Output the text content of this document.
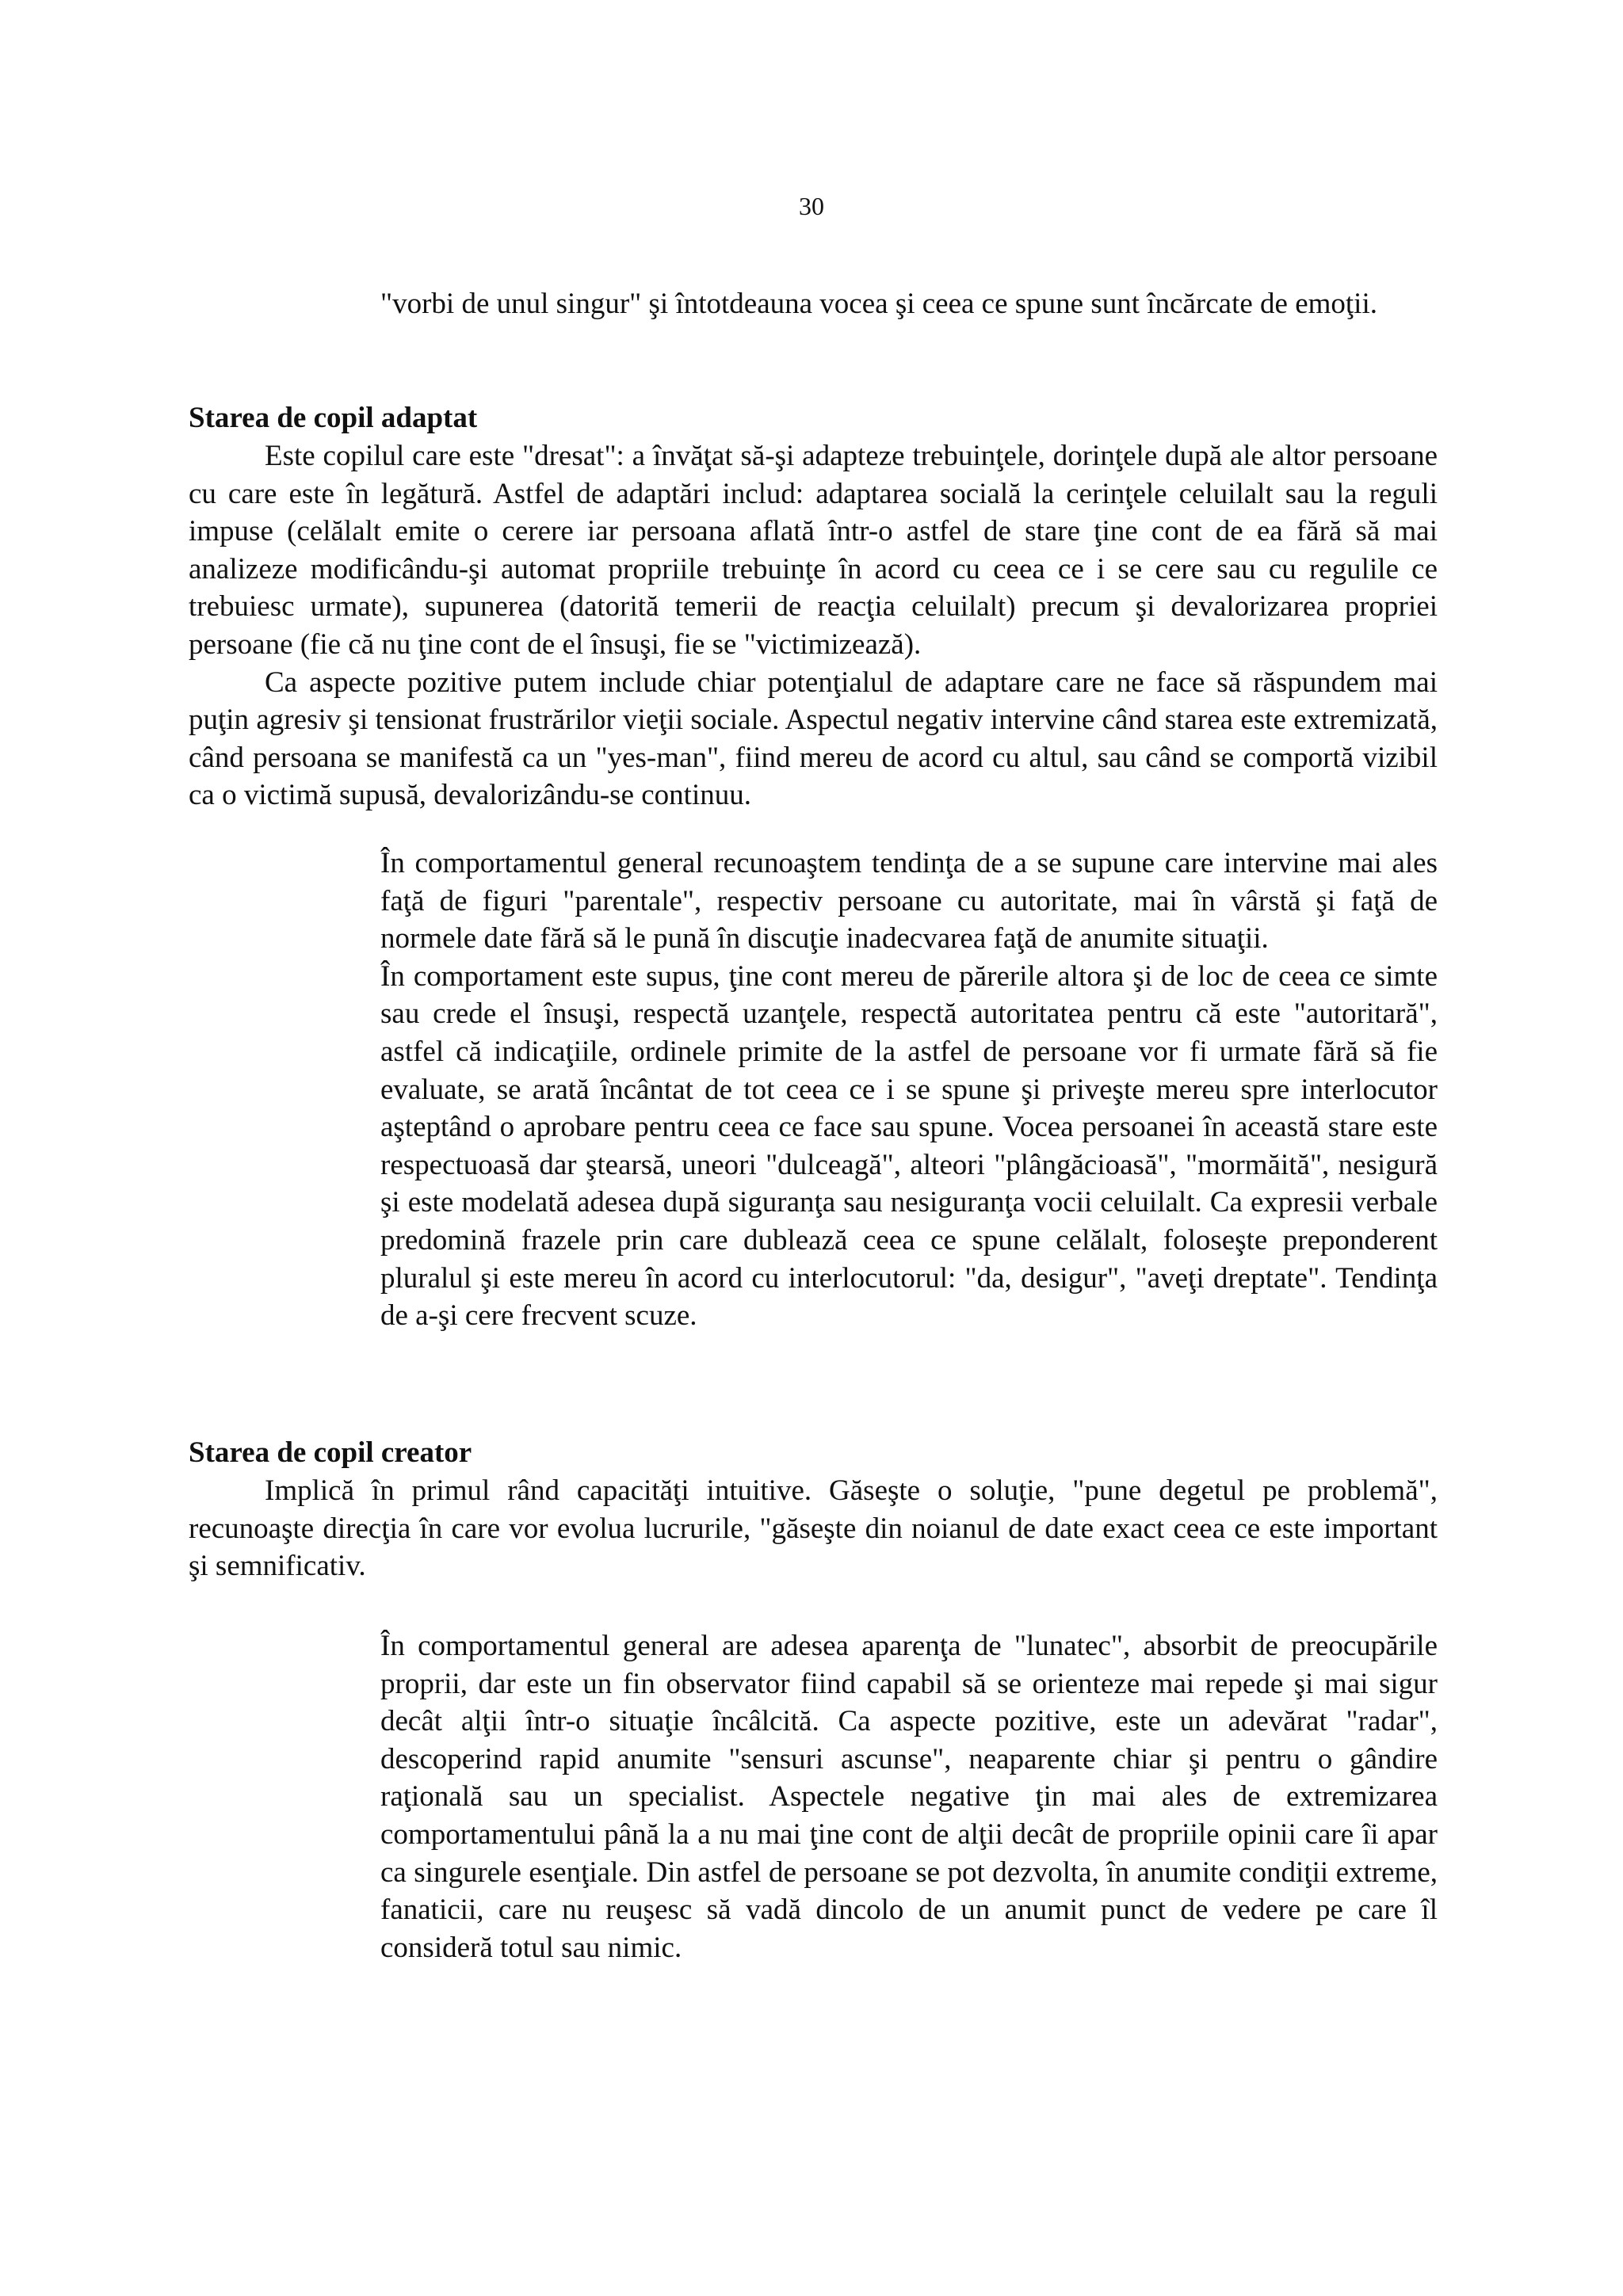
30

"vorbi de unul singur" şi întotdeauna vocea şi ceea ce spune sunt încărcate de emoţii.

Starea de copil adaptat

Este copilul care este "dresat": a învăţat să-şi adapteze trebuinţele, dorinţele după ale altor persoane cu care este în legătură. Astfel de adaptări includ: adaptarea socială la cerinţele celuilalt sau la reguli impuse (celălalt emite o cerere iar persoana aflată într-o astfel de stare ţine cont de ea fără să mai analizeze modificându-şi automat propriile trebuinţe în acord cu ceea ce i se cere sau cu regulile ce trebuiesc urmate), supunerea (datorită temerii de reacţia celuilalt) precum şi devalorizarea propriei persoane (fie că nu ţine cont de el însuşi, fie se "victimizează).

Ca aspecte pozitive putem include chiar potenţialul de adaptare care ne face să răspundem mai puţin agresiv şi tensionat frustrărilor vieţii sociale. Aspectul negativ intervine când starea este extremizată, când persoana se manifestă ca un "yes-man", fiind mereu de acord cu altul, sau când se comportă vizibil ca o victimă supusă, devalorizându-se continuu.

În comportamentul general recunoaştem tendinţa de a se supune care intervine mai ales faţă de figuri "parentale", respectiv persoane cu autoritate, mai în vârstă şi faţă de normele date fără să le pună în discuţie inadecvarea faţă de anumite situaţii.

În comportament este supus, ţine cont mereu de părerile altora şi de loc de ceea ce simte sau crede el însuşi, respectă uzanţele, respectă autoritatea pentru că este "autoritară", astfel că indicaţiile, ordinele primite de la astfel de persoane vor fi urmate fără să fie evaluate, se arată încântat de tot ceea ce i se spune şi priveşte mereu spre interlocutor aşteptând o aprobare pentru ceea ce face sau spune. Vocea persoanei în această stare este respectuoasă dar ştearsă, uneori "dulceagă", alteori "plângăcioasă", "mormăită", nesigură şi este modelată adesea după siguranţa sau nesiguranţa vocii celuilalt. Ca expresii verbale predomină frazele prin care dublează ceea ce spune celălalt, foloseşte preponderent pluralul şi este mereu în acord cu interlocutorul: "da, desigur", "aveţi dreptate". Tendinţa de a-şi cere frecvent scuze.

Starea de copil creator

Implică în primul rând capacităţi intuitive. Găseşte o soluţie, "pune degetul pe problemă", recunoaşte direcţia în care vor evolua lucrurile, "găseşte din noianul de date exact ceea ce este important şi semnificativ.

În comportamentul general are adesea aparenţa de "lunatec", absorbit de preocupările proprii, dar este un fin observator fiind capabil să se orienteze mai repede şi mai sigur decât alţii într-o situaţie încâlcită. Ca aspecte pozitive, este un adevărat "radar", descoperind rapid anumite "sensuri ascunse", neaparente chiar şi pentru o gândire raţională sau un specialist. Aspectele negative ţin mai ales de extremizarea comportamentului până la a nu mai ţine cont de alţii decât de propriile opinii care îi apar ca singurele esenţiale. Din astfel de persoane se pot dezvolta, în anumite condiţii extreme, fanaticii, care nu reuşesc să vadă dincolo de un anumit punct de vedere pe care îl consideră totul sau nimic.
